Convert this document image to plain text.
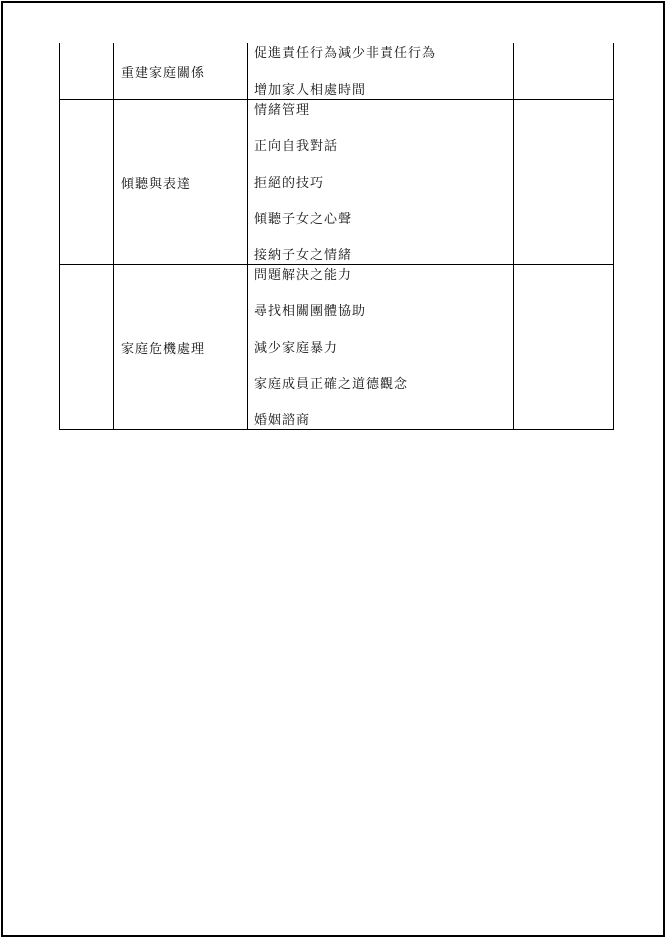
	重建家庭關係	促進責任行為減少非責任行為
增加家人相處時間	

	傾聽與表達	情緒管理
正向自我對話
拒絕的技巧
傾聽子女之心聲
接納子女之情緒	

	家庭危機處理	問題解決之能力
尋找相關團體協助
減少家庭暴力
家庭成員正確之道德觀念
婚姻諮商	
